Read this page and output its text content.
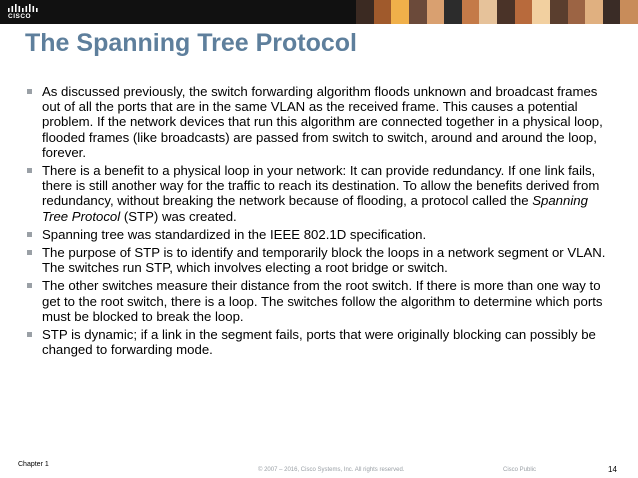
CISCO
The Spanning Tree Protocol
As discussed previously, the switch forwarding algorithm floods unknown and broadcast frames out of all the ports that are in the same VLAN as the received frame. This causes a potential problem. If the network devices that run this algorithm are connected together in a physical loop, flooded frames (like broadcasts) are passed from switch to switch, around and around the loop, forever.
There is a benefit to a physical loop in your network: It can provide redundancy. If one link fails, there is still another way for the traffic to reach its destination. To allow the benefits derived from redundancy, without breaking the network because of flooding, a protocol called the Spanning Tree Protocol (STP) was created.
Spanning tree was standardized in the IEEE 802.1D specification.
The purpose of STP is to identify and temporarily block the loops in a network segment or VLAN. The switches run STP, which involves electing a root bridge or switch.
The other switches measure their distance from the root switch. If there is more than one way to get to the root switch, there is a loop. The switches follow the algorithm to determine which ports must be blocked to break the loop.
STP is dynamic; if a link in the segment fails, ports that were originally blocking can possibly be changed to forwarding mode.
Chapter 1
© 2007 – 2016, Cisco Systems, Inc. All rights reserved.	Cisco Public	14
